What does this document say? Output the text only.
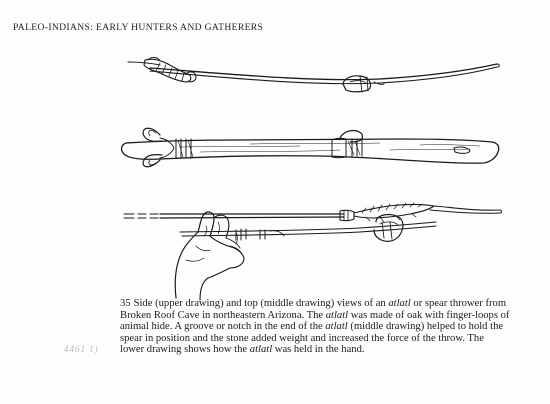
PALEO-INDIANS: EARLY HUNTERS AND GATHERERS
35 Side (upper drawing) and top (middle drawing) views of an atlatl or spear thrower from Broken Roof Cave in northeastern Arizona. The atlatl was made of oak with finger-loops of animal hide. A groove or notch in the end of the atlatl (middle drawing) helped to hold the spear in position and the stone added weight and increased the force of the throw. The lower drawing shows how the atlatl was held in the hand.
4461 1)
